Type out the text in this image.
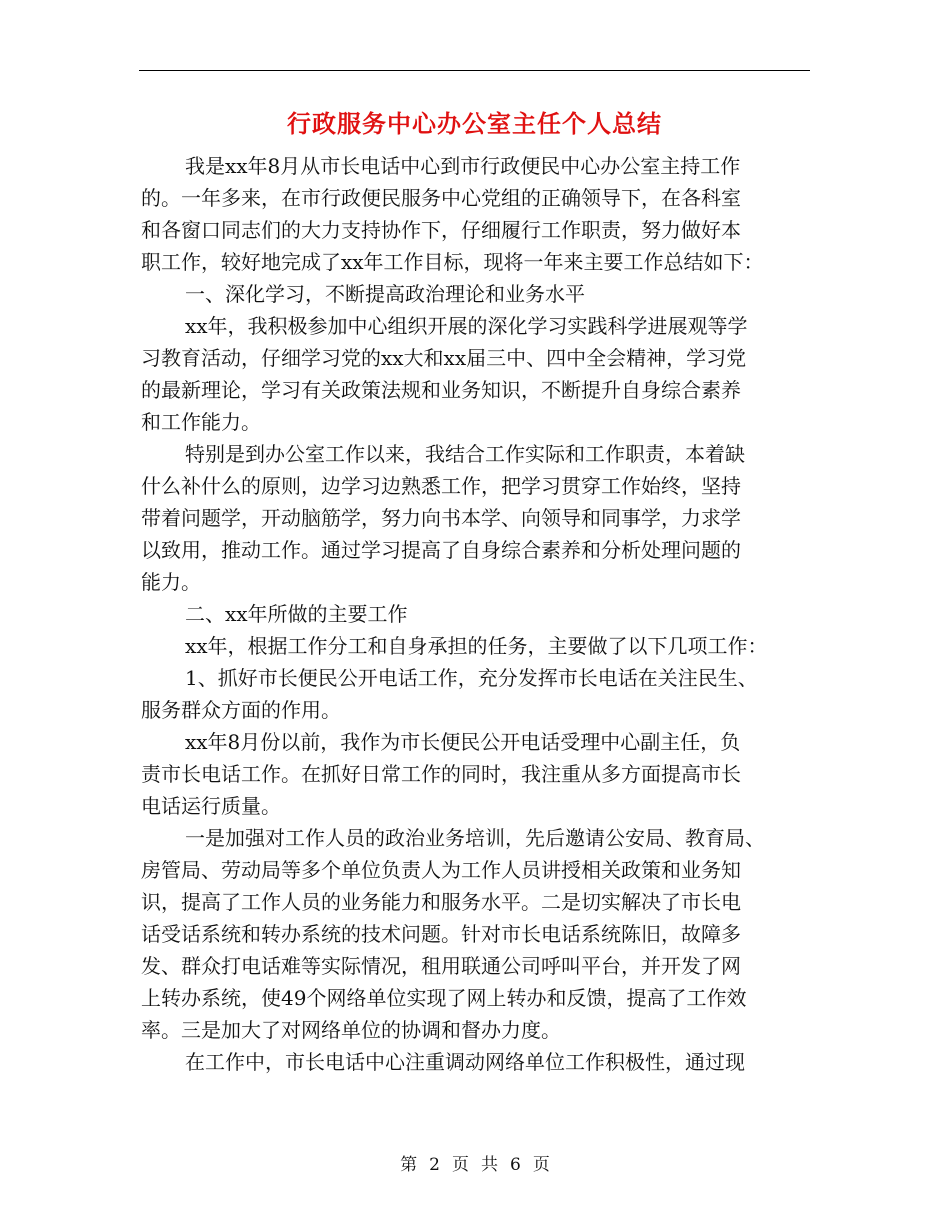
行政服务中心办公室主任个人总结
我是xx年8月从市长电话中心到市行政便民中心办公室主持工作
的。一年多来，在市行政便民服务中心党组的正确领导下，在各科室
和各窗口同志们的大力支持协作下，仔细履行工作职责，努力做好本
职工作，较好地完成了xx年工作目标，现将一年来主要工作总结如下：
一、深化学习，不断提高政治理论和业务水平
xx年，我积极参加中心组织开展的深化学习实践科学进展观等学
习教育活动，仔细学习党的xx大和xx届三中、四中全会精神，学习党
的最新理论，学习有关政策法规和业务知识，不断提升自身综合素养
和工作能力。
特别是到办公室工作以来，我结合工作实际和工作职责，本着缺
什么补什么的原则，边学习边熟悉工作，把学习贯穿工作始终，坚持
带着问题学，开动脑筋学，努力向书本学、向领导和同事学，力求学
以致用，推动工作。通过学习提高了自身综合素养和分析处理问题的
能力。
二、xx年所做的主要工作
xx年，根据工作分工和自身承担的任务，主要做了以下几项工作：
1、抓好市长便民公开电话工作，充分发挥市长电话在关注民生、
服务群众方面的作用。
xx年8月份以前，我作为市长便民公开电话受理中心副主任，负
责市长电话工作。在抓好日常工作的同时，我注重从多方面提高市长
电话运行质量。
一是加强对工作人员的政治业务培训，先后邀请公安局、教育局、
房管局、劳动局等多个单位负责人为工作人员讲授相关政策和业务知
识，提高了工作人员的业务能力和服务水平。二是切实解决了市长电
话受话系统和转办系统的技术问题。针对市长电话系统陈旧，故障多
发、群众打电话难等实际情况，租用联通公司呼叫平台，并开发了网
上转办系统，使49个网络单位实现了网上转办和反馈，提高了工作效
率。三是加大了对网络单位的协调和督办力度。
在工作中，市长电话中心注重调动网络单位工作积极性，通过现
第 2 页 共 6 页
